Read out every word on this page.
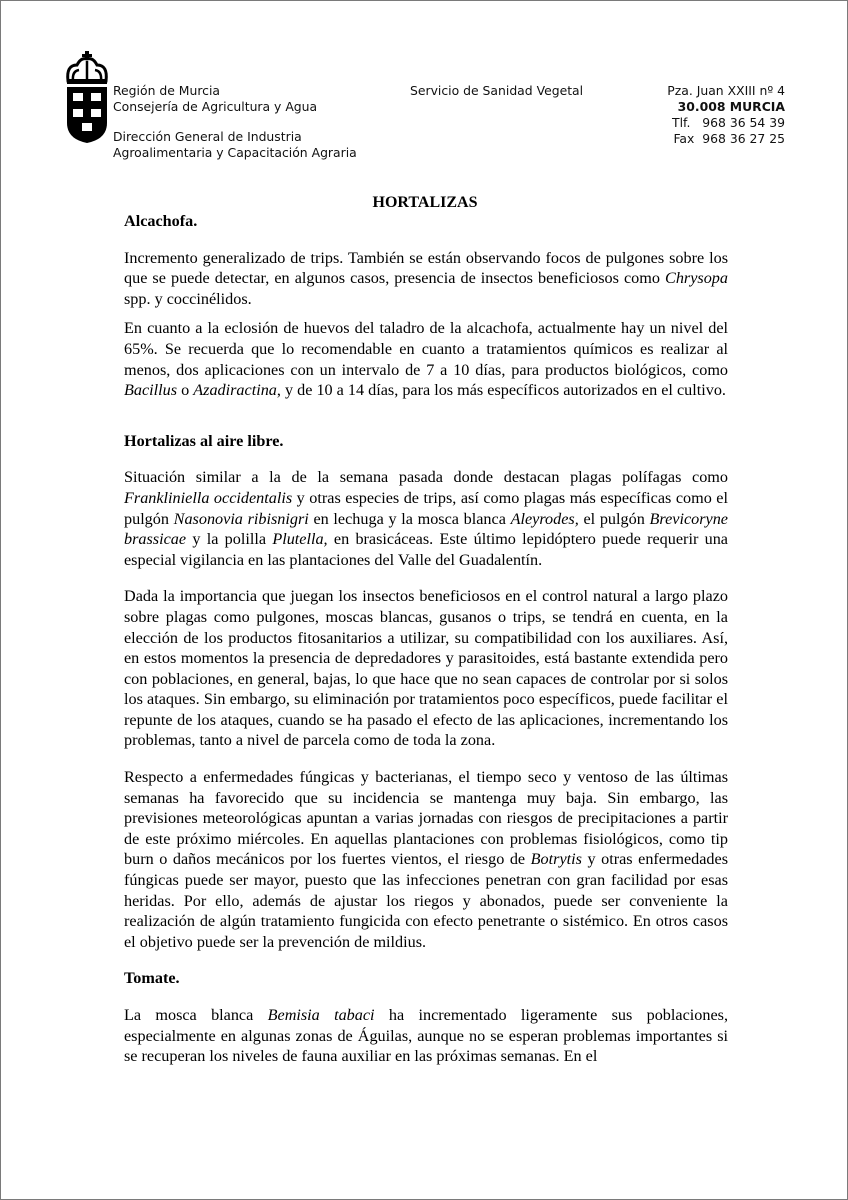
Región de Murcia
Consejería de Agricultura y Agua
Dirección General de Industria
Agroalimentaria y Capacitación Agraria
Servicio de Sanidad Vegetal	Pza. Juan XXIII nº 4
30.008 MURCIA
Tlf.   968 36 54 39
Fax  968 36 27 25
HORTALIZAS
Alcachofa.

Incremento generalizado de trips. También se están observando focos de pulgones sobre los que se puede detectar, en algunos casos, presencia de insectos beneficiosos como Chrysopa spp. y coccinélidos.

En cuanto a la eclosión de huevos del taladro de la alcachofa, actualmente hay un nivel del 65%. Se recuerda que lo recomendable en cuanto a tratamientos químicos es realizar al menos, dos aplicaciones con un intervalo de 7 a 10 días, para productos biológicos, como Bacillus o Azadiractina, y de 10 a 14 días, para los más específicos autorizados en el cultivo.

Hortalizas al aire libre.

Situación similar a la de la semana pasada donde destacan plagas polífagas como Frankliniella occidentalis y otras especies de trips, así como plagas más específicas como el pulgón Nasonovia ribisnigri en lechuga y la mosca blanca Aleyrodes, el pulgón Brevicoryne brassicae y la polilla Plutella, en brasicáceas. Este último lepidóptero puede requerir una especial vigilancia en las plantaciones del Valle del Guadalentín.

Dada la importancia que juegan los insectos beneficiosos en el control natural a largo plazo sobre plagas como pulgones, moscas blancas, gusanos o trips, se tendrá en cuenta, en la elección de los productos fitosanitarios a utilizar, su compatibilidad con los auxiliares. Así, en estos momentos la presencia de depredadores y parasitoides, está bastante extendida pero con poblaciones, en general, bajas, lo que hace que no sean capaces de controlar por si solos los ataques. Sin embargo, su eliminación por tratamientos poco específicos, puede facilitar el repunte de los ataques, cuando se ha pasado el efecto de las aplicaciones, incrementando los problemas, tanto a nivel de parcela como de toda la zona.

Respecto a enfermedades fúngicas y bacterianas, el tiempo seco y ventoso de las últimas semanas ha favorecido que su incidencia se mantenga muy baja. Sin embargo, las previsiones meteorológicas apuntan a varias jornadas con riesgos de precipitaciones a partir de este próximo miércoles. En aquellas plantaciones con problemas fisiológicos, como tip burn o daños mecánicos por los fuertes vientos, el riesgo de Botrytis y otras enfermedades fúngicas puede ser mayor, puesto que las infecciones penetran con gran facilidad por esas heridas. Por ello, además de ajustar los riegos y abonados, puede ser conveniente la realización de algún tratamiento fungicida con efecto penetrante o sistémico. En otros casos el objetivo puede ser la prevención de mildius.

Tomate.

La mosca blanca Bemisia tabaci ha incrementado ligeramente sus poblaciones, especialmente en algunas zonas de Águilas, aunque no se esperan problemas importantes si se recuperan los niveles de fauna auxiliar en las próximas semanas. En el
